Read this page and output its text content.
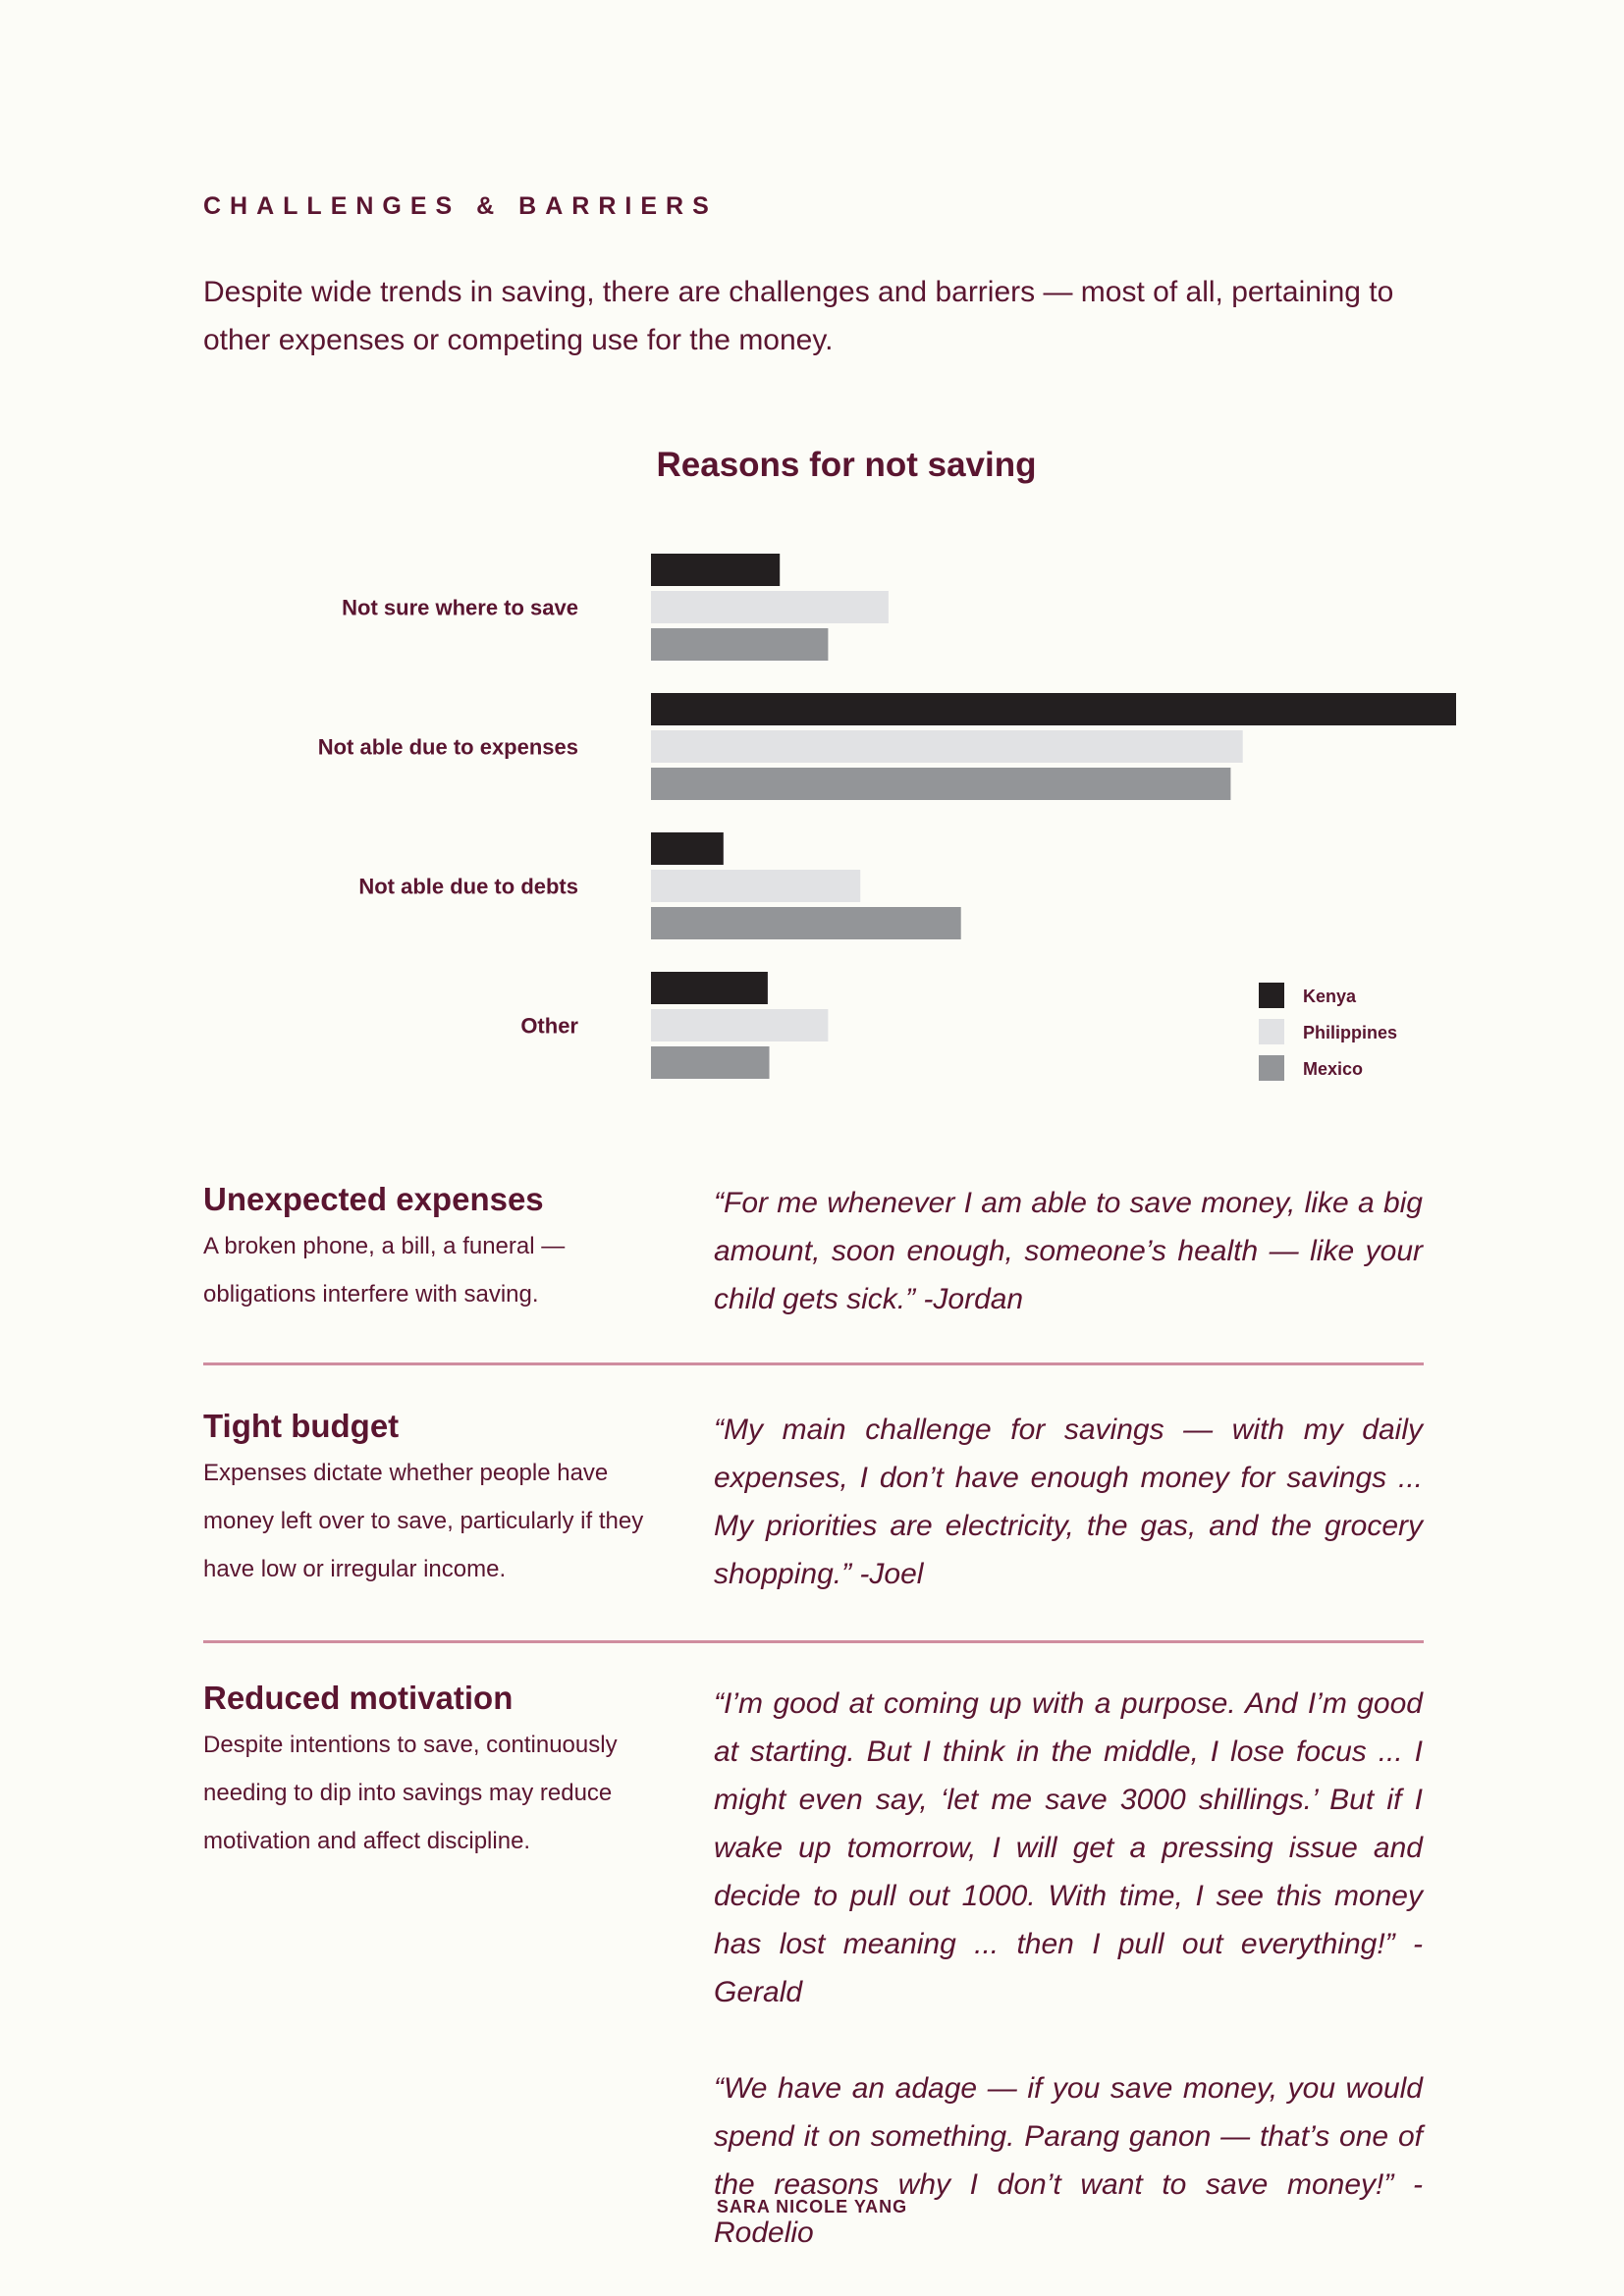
CHALLENGES & BARRIERS
Despite wide trends in saving, there are challenges and barriers — most of all, pertaining to other expenses or competing use for the money.
Reasons for not saving
Not sure where to save
Not able due to expenses
Not able due to debts
Other
Kenya
Philippines
Mexico
Unexpected expenses
A broken phone, a bill, a funeral — obligations interfere with saving.

“For me whenever I am able to save money, like a big amount, soon enough, someone’s health — like your child gets sick.” -Jordan

Tight budget
Expenses dictate whether people have money left over to save, particularly if they have low or irregular income.

“My main challenge for savings — with my daily expenses, I don’t have enough money for savings ... My priorities are electricity, the gas, and the grocery shopping.” -Joel

Reduced motivation
Despite intentions to save, continuously needing to dip into savings may reduce motivation and affect discipline.

“I’m good at coming up with a purpose. And I’m good at starting. But I think in the middle, I lose focus ... I might even say, ‘let me save 3000 shillings.’ But if I wake up tomorrow, I will get a pressing issue and decide to pull out 1000. With time, I see this money has lost meaning ... then I pull out everything!” -Gerald

“We have an adage — if you save money, you would spend it on something. Parang ganon — that’s one of the reasons why I don’t want to save money!” -Rodelio

SARA NICOLE YANG
